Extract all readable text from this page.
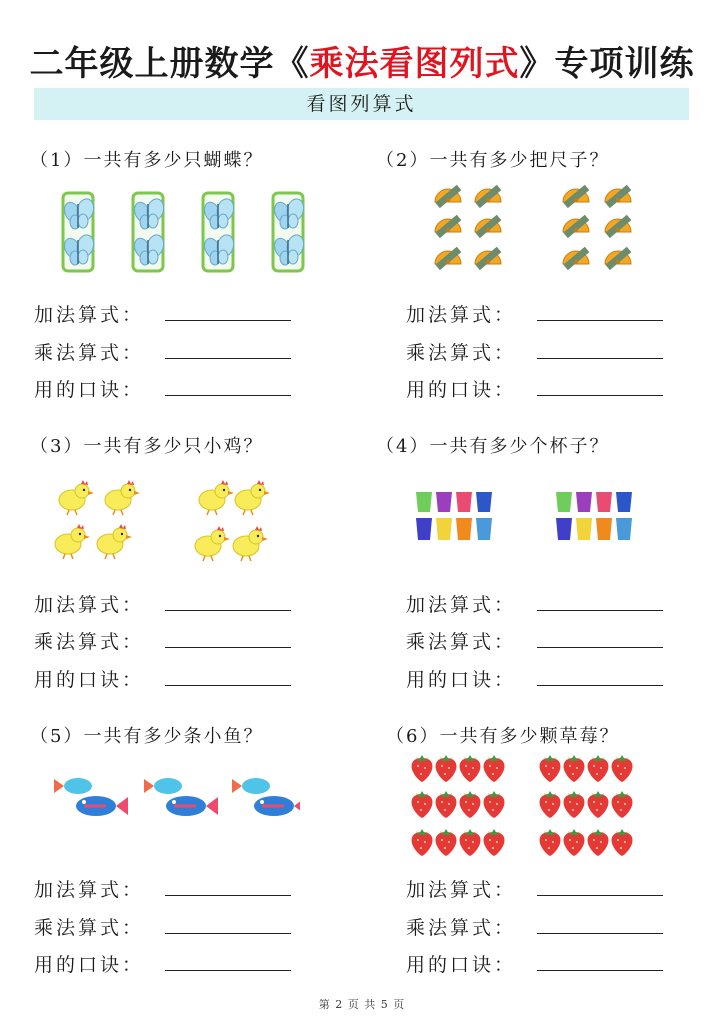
二年级上册数学《乘法看图列式》专项训练
看图列算式
（1）一共有多少只蝴蝶？	（2）一共有多少把尺子？
（3）一共有多少只小鸡？	（4）一共有多少个杯子？
（5）一共有多少条小鱼？	（6）一共有多少颗草莓？
加法算式：
乘法算式：
用的口诀：
加法算式：
乘法算式：
用的口诀：
加法算式：
乘法算式：
用的口诀：
加法算式：
乘法算式：
用的口诀：
加法算式：
乘法算式：
用的口诀：
加法算式：
乘法算式：
用的口诀：
第 2 页 共 5 页
